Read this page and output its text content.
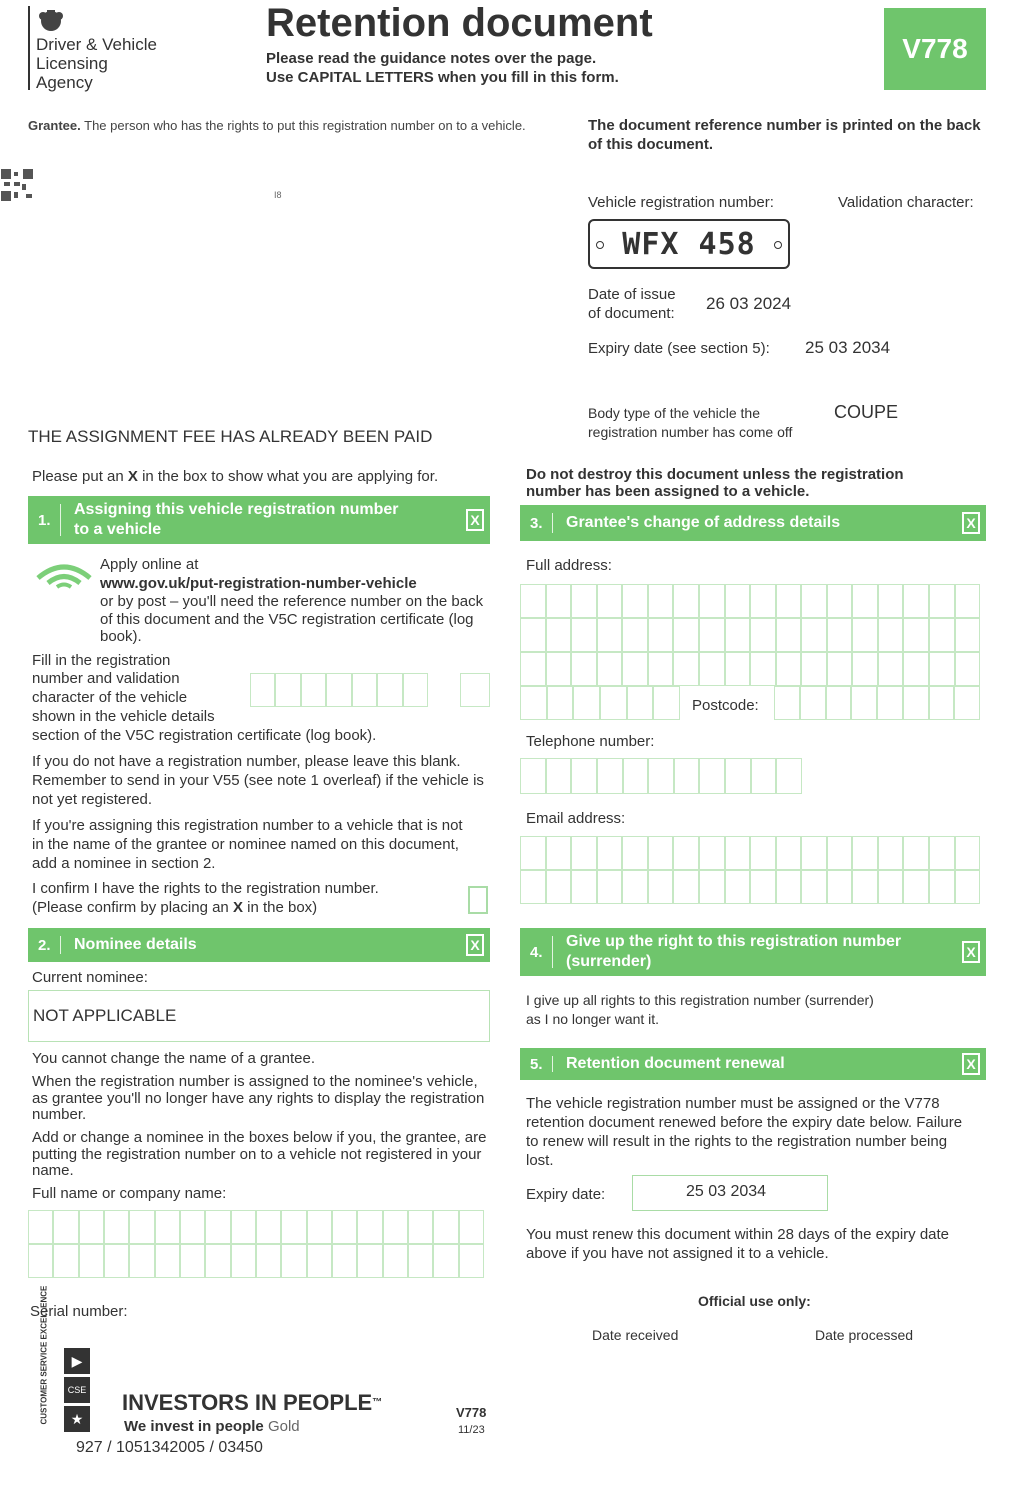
Driver & Vehicle
Licensing
Agency
Retention document
Please read the guidance notes over the page.
Use CAPITAL LETTERS when you fill in this form.
V778
Grantee. The person who has the rights to put this registration number on to a vehicle.	The document reference number is printed on the back of this document.
I8	Vehicle registration number:	Validation character:
WFX 458
Date of issue
of document:
26 03 2024
Expiry date (see section 5): 25 03 2034
Body type of the vehicle the
registration number has come off
COUPE
THE ASSIGNMENT FEE HAS ALREADY BEEN PAID
Please put an X in the box to show what you are applying for.	Do not destroy this document unless the registration number has been assigned to a vehicle.
1.
Assigning this vehicle registration number
to a vehicle
X
Apply online at
www.gov.uk/put-registration-number-vehicle
or by post – you'll need the reference number on the back of this document and the V5C registration certificate (log book).
Fill in the registration
number and validation
character of the vehicle
shown in the vehicle details
section of the V5C registration certificate (log book).
If you do not have a registration number, please leave this blank. Remember to send in your V55 (see note 1 overleaf) if the vehicle is not yet registered.
If you're assigning this registration number to a vehicle that is not in the name of the grantee or nominee named on this document, add a nominee in section 2.
I confirm I have the rights to the registration number.
(Please confirm by placing an X in the box)
2. Nominee details	X
Current nominee:
NOT APPLICABLE
You cannot change the name of a grantee.
When the registration number is assigned to the nominee's vehicle, as grantee you'll no longer have any rights to display the registration number.
Add or change a nominee in the boxes below if you, the grantee, are putting the registration number on to a vehicle not registered in your name.
Full name or company name:
3. Grantee's change of address details	X
Full address:
Postcode:
Telephone number:
Email address:
4.
Give up the right to this registration number
(surrender)
X
I give up all rights to this registration number (surrender)
as I no longer want it.
5. Retention document renewal	X
The vehicle registration number must be assigned or the V778 retention document renewed before the expiry date below. Failure to renew will result in the rights to the registration number being lost.
Expiry date:	25 03 2034
You must renew this document within 28 days of the expiry date above if you have not assigned it to a vehicle.
Official use only:
Date received	Date processed
Serial number:
CUSTOMER SERVICE EXCELLENCE	▶
CSE
★
INVESTORS IN PEOPLE™
We invest in people Gold
V778
11/23
927 / 1051342005 / 03450
